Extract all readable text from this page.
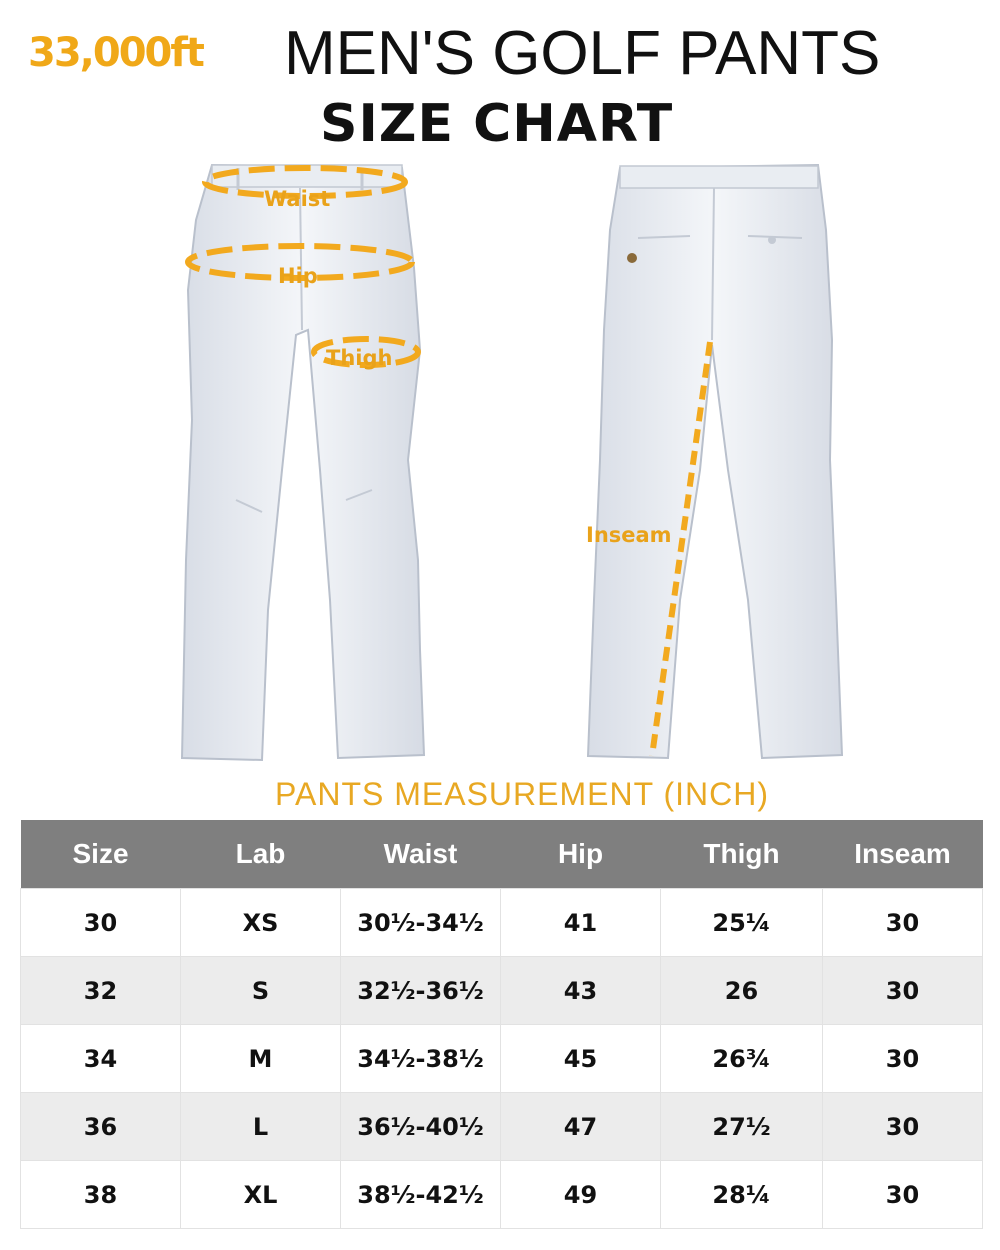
33,000ft MEN'S GOLF PANTS
SIZE CHART
Waist
Hip
Thigh
Inseam
PANTS MEASUREMENT (INCH)
Size	Lab	Waist	Hip	Thigh	Inseam
30	XS	30½-34½	41	25¼	30
32	S	32½-36½	43	26	30
34	M	34½-38½	45	26¾	30
36	L	36½-40½	47	27½	30
38	XL	38½-42½	49	28¼	30
